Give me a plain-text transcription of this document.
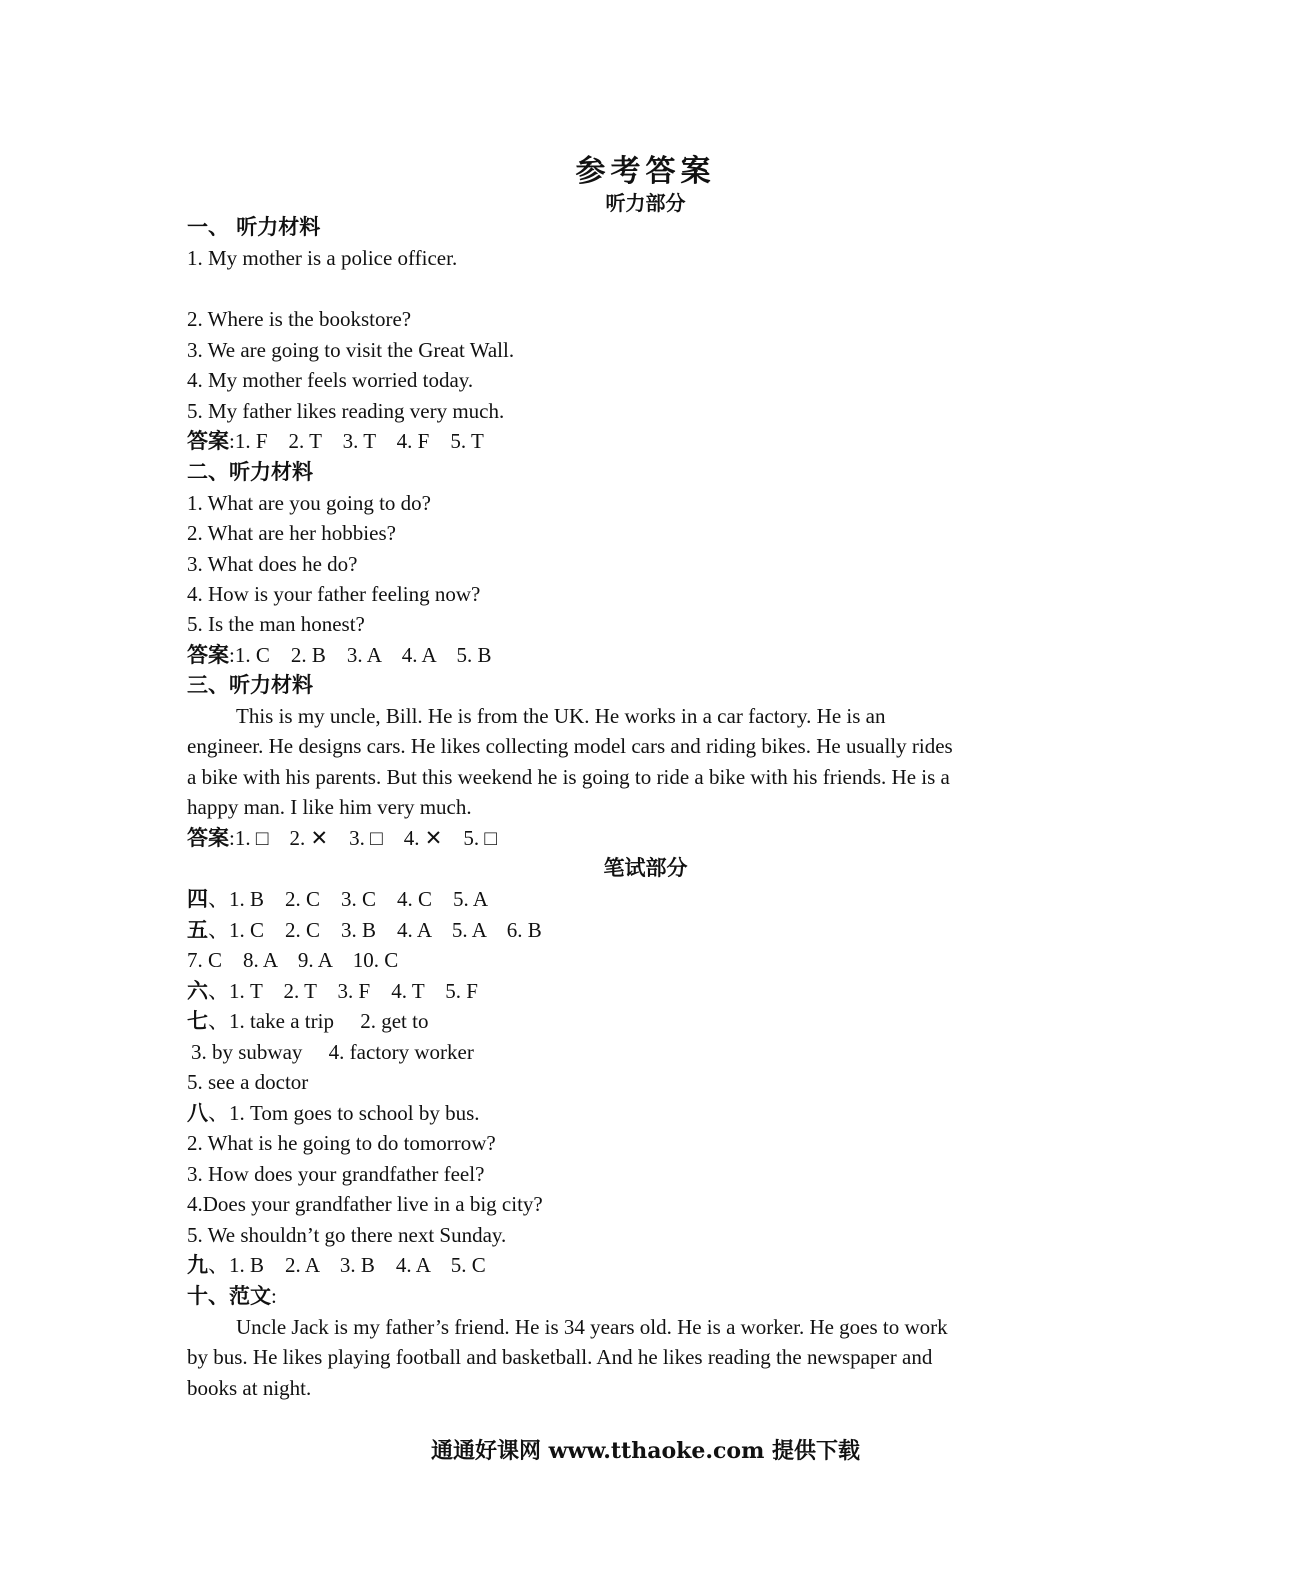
参考答案
听力部分
一、 听力材料
1. My mother is a police officer.
2. Where is the bookstore?
3. We are going to visit the Great Wall.
4. My mother feels worried today.
5. My father likes reading very much.
答案:1. F    2. T    3. T    4. F    5. T
二、听力材料
1. What are you going to do?
2. What are her hobbies?
3. What does he do?
4. How is your father feeling now?
5. Is the man honest?
答案:1. C    2. B    3. A    4. A    5. B
三、听力材料
This is my uncle, Bill. He is from the UK. He works in a car factory. He is an
engineer. He designs cars. He likes collecting model cars and riding bikes. He usually rides
a bike with his parents. But this weekend he is going to ride a bike with his friends. He is a
happy man. I like him very much.
答案:1. □    2. ✕    3. □    4. ✕    5. □
笔试部分
四、1. B    2. C    3. C    4. C    5. A
五、1. C    2. C    3. B    4. A    5. A    6. B
7. C    8. A    9. A    10. C
六、1. T    2. T    3. F    4. T    5. F
七、1. take a trip     2. get to
3. by subway     4. factory worker
5. see a doctor
八、1. Tom goes to school by bus.
2. What is he going to do tomorrow?
3. How does your grandfather feel?
4.Does your grandfather live in a big city?
5. We shouldn’t go there next Sunday.
九、1. B    2. A    3. B    4. A    5. C
十、范文:
Uncle Jack is my father’s friend. He is 34 years old. He is a worker. He goes to work
by bus. He likes playing football and basketball. And he likes reading the newspaper and
books at night.
通通好课网 www.tthaoke.com 提供下载
